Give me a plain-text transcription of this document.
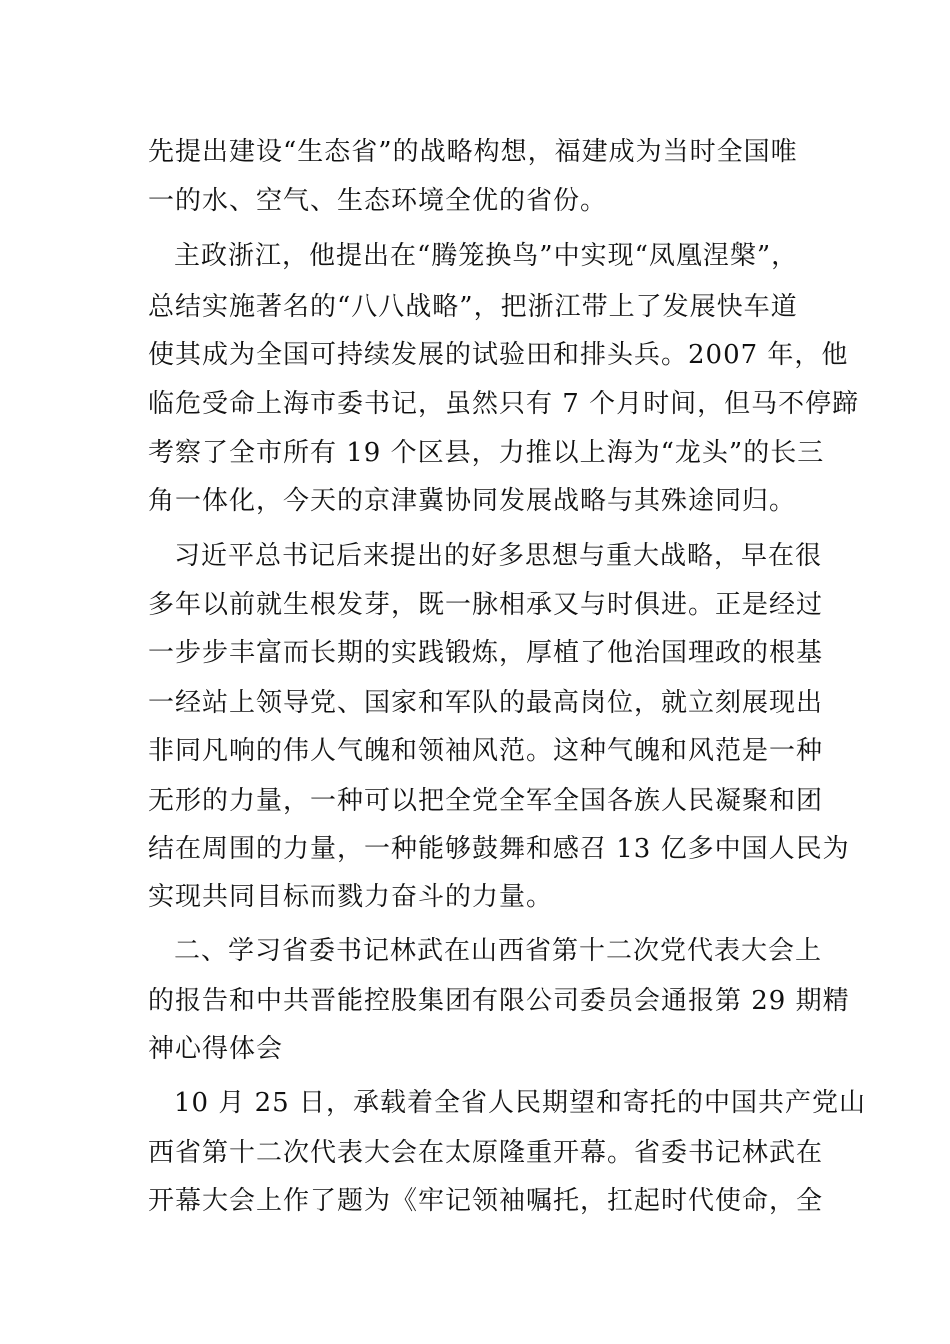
先提出建设“生态省”的战略构想，福建成为当时全国唯
一的水、空气、生态环境全优的省份。
主政浙江，他提出在“腾笼换鸟”中实现“凤凰涅槃”，
总结实施著名的“八八战略”，把浙江带上了发展快车道
使其成为全国可持续发展的试验田和排头兵。2007 年，他
临危受命上海市委书记，虽然只有 7 个月时间，但马不停蹄
考察了全市所有 19 个区县，力推以上海为“龙头”的长三
角一体化，今天的京津冀协同发展战略与其殊途同归。
习近平总书记后来提出的好多思想与重大战略，早在很
多年以前就生根发芽，既一脉相承又与时俱进。正是经过
一步步丰富而长期的实践锻炼，厚植了他治国理政的根基
一经站上领导党、国家和军队的最高岗位，就立刻展现出
非同凡响的伟人气魄和领袖风范。这种气魄和风范是一种
无形的力量，一种可以把全党全军全国各族人民凝聚和团
结在周围的力量，一种能够鼓舞和感召 13 亿多中国人民为
实现共同目标而戮力奋斗的力量。
二、学习省委书记林武在山西省第十二次党代表大会上
的报告和中共晋能控股集团有限公司委员会通报第 29 期精
神心得体会
10 月 25 日，承载着全省人民期望和寄托的中国共产党山
西省第十二次代表大会在太原隆重开幕。省委书记林武在
开幕大会上作了题为《牢记领袖嘱托，扛起时代使命，全
